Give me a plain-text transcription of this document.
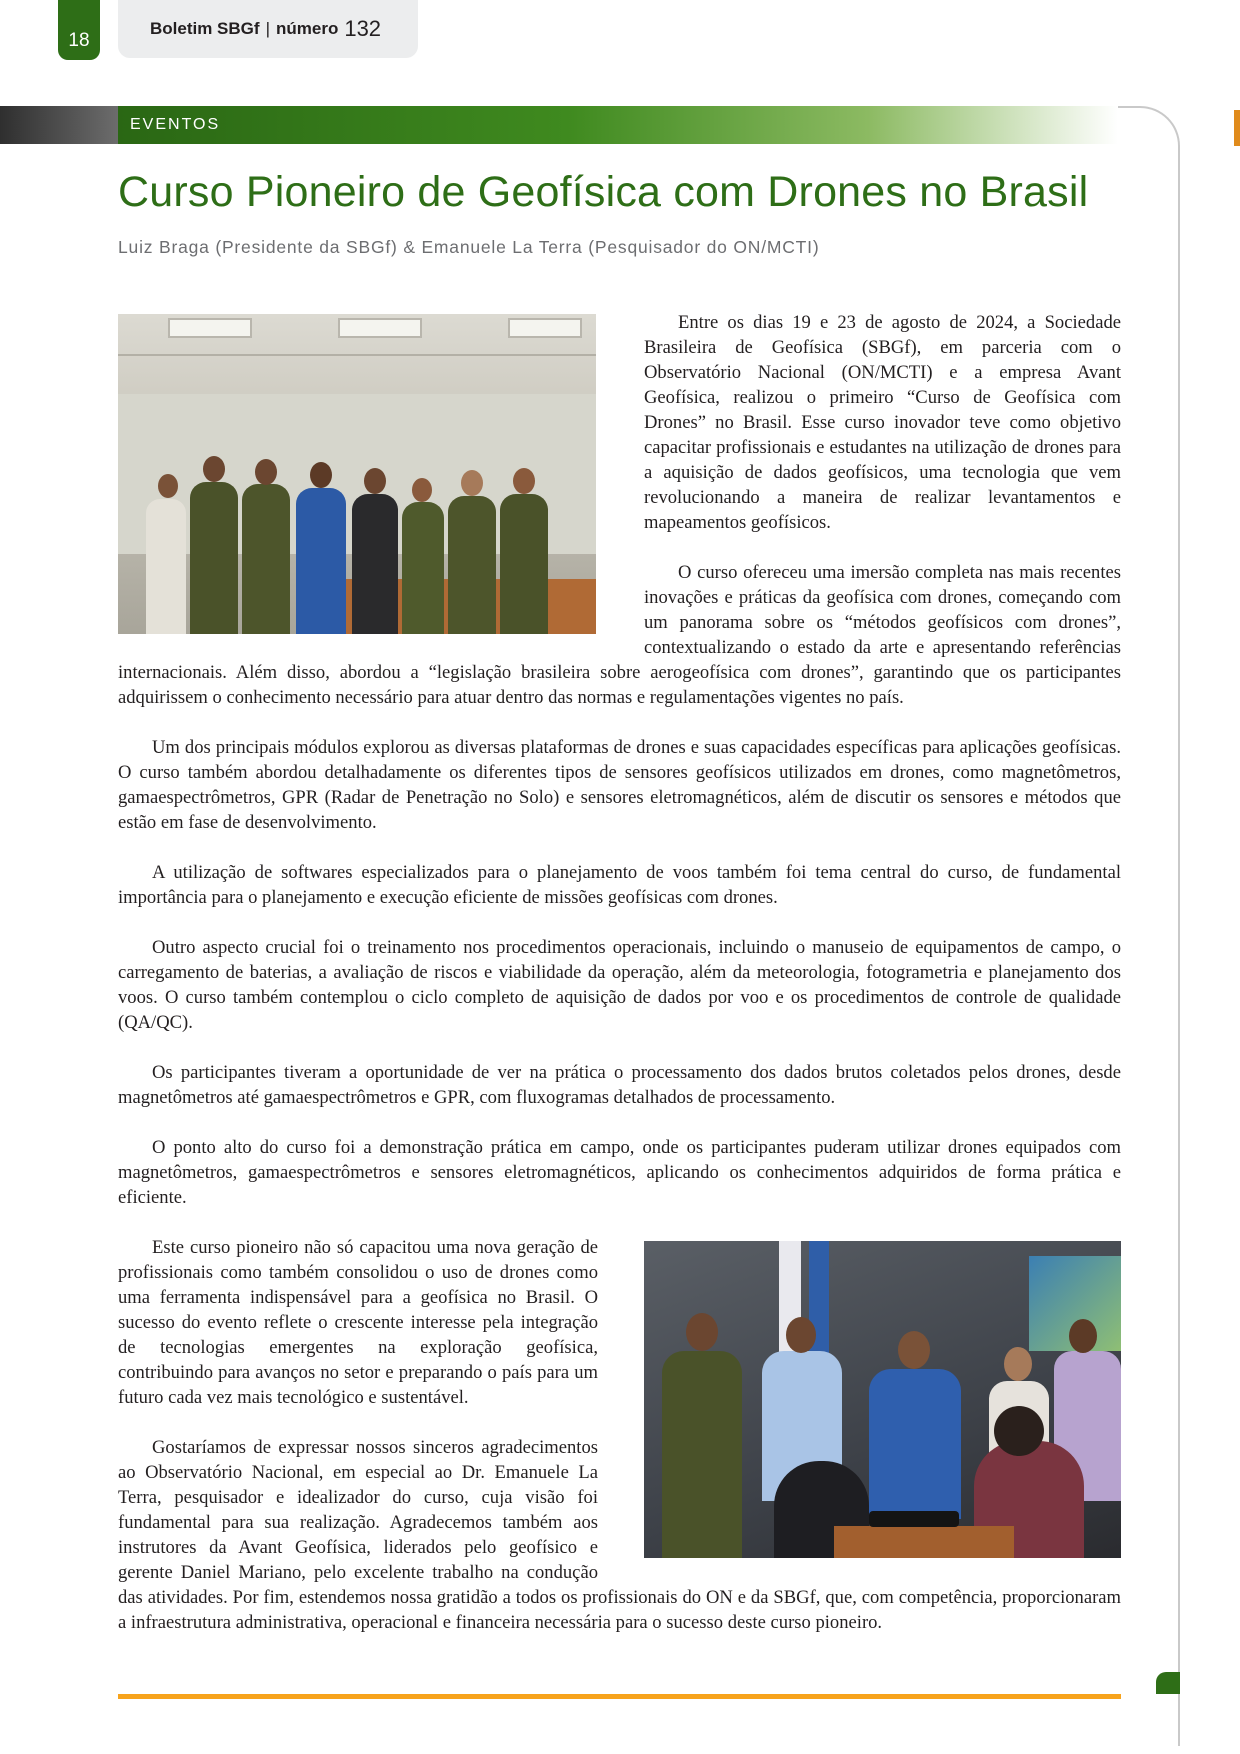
18
Boletim SBGf | número 132
EVENTOS
Curso Pioneiro de Geofísica com Drones no Brasil
Luiz Braga (Presidente da SBGf) & Emanuele La Terra (Pesquisador do ON/MCTI)

Entre os dias 19 e 23 de agosto de 2024, a Sociedade Brasileira de Geofísica (SBGf), em parceria com o Observatório Nacional (ON/MCTI) e a empresa Avant Geofísica, realizou o primeiro “Curso de Geofísica com Drones” no Brasil. Esse curso inovador teve como objetivo capacitar profissionais e estudantes na utilização de drones para a aquisição de dados geofísicos, uma tecnologia que vem revolucionando a maneira de realizar levantamentos e mapeamentos geofísicos.

O curso ofereceu uma imersão completa nas mais recentes inovações e práticas da geofísica com drones, começando com um panorama sobre os “métodos geofísicos com drones”, contextualizando o estado da arte e apresentando referências internacionais. Além disso, abordou a “legislação brasileira sobre aerogeofísica com drones”, garantindo que os participantes adquirissem o conhecimento necessário para atuar dentro das normas e regulamentações vigentes no país.

Um dos principais módulos explorou as diversas plataformas de drones e suas capacidades específicas para aplicações geofísicas. O curso também abordou detalhadamente os diferentes tipos de sensores geofísicos utilizados em drones, como magnetômetros, gamaespectrômetros, GPR (Radar de Penetração no Solo) e sensores eletromagnéticos, além de discutir os sensores e métodos que estão em fase de desenvolvimento.

A utilização de softwares especializados para o planejamento de voos também foi tema central do curso, de fundamental importância para o planejamento e execução eficiente de missões geofísicas com drones.

Outro aspecto crucial foi o treinamento nos procedimentos operacionais, incluindo o manuseio de equipamentos de campo, o carregamento de baterias, a avaliação de riscos e viabilidade da operação, além da meteorologia, fotogrametria e planejamento dos voos. O curso também contemplou o ciclo completo de aquisição de dados por voo e os procedimentos de controle de qualidade (QA/QC).

Os participantes tiveram a oportunidade de ver na prática o processamento dos dados brutos coletados pelos drones, desde magnetômetros até gamaespectrômetros e GPR, com fluxogramas detalhados de processamento.

O ponto alto do curso foi a demonstração prática em campo, onde os participantes puderam utilizar drones equipados com magnetômetros, gamaespectrômetros e sensores eletromagnéticos, aplicando os conhecimentos adquiridos de forma prática e eficiente.

Este curso pioneiro não só capacitou uma nova geração de profissionais como também consolidou o uso de drones como uma ferramenta indispensável para a geofísica no Brasil. O sucesso do evento reflete o crescente interesse pela integração de tecnologias emergentes na exploração geofísica, contribuindo para avanços no setor e preparando o país para um futuro cada vez mais tecnológico e sustentável.

Gostaríamos de expressar nossos sinceros agradecimentos ao Observatório Nacional, em especial ao Dr. Emanuele La Terra, pesquisador e idealizador do curso, cuja visão foi fundamental para sua realização. Agradecemos também aos instrutores da Avant Geofísica, liderados pelo geofísico e gerente Daniel Mariano, pelo excelente trabalho na condução das atividades. Por fim, estendemos nossa gratidão a todos os profissionais do ON e da SBGf, que, com competência, proporcionaram a infraestrutura administrativa, operacional e financeira necessária para o sucesso deste curso pioneiro.
